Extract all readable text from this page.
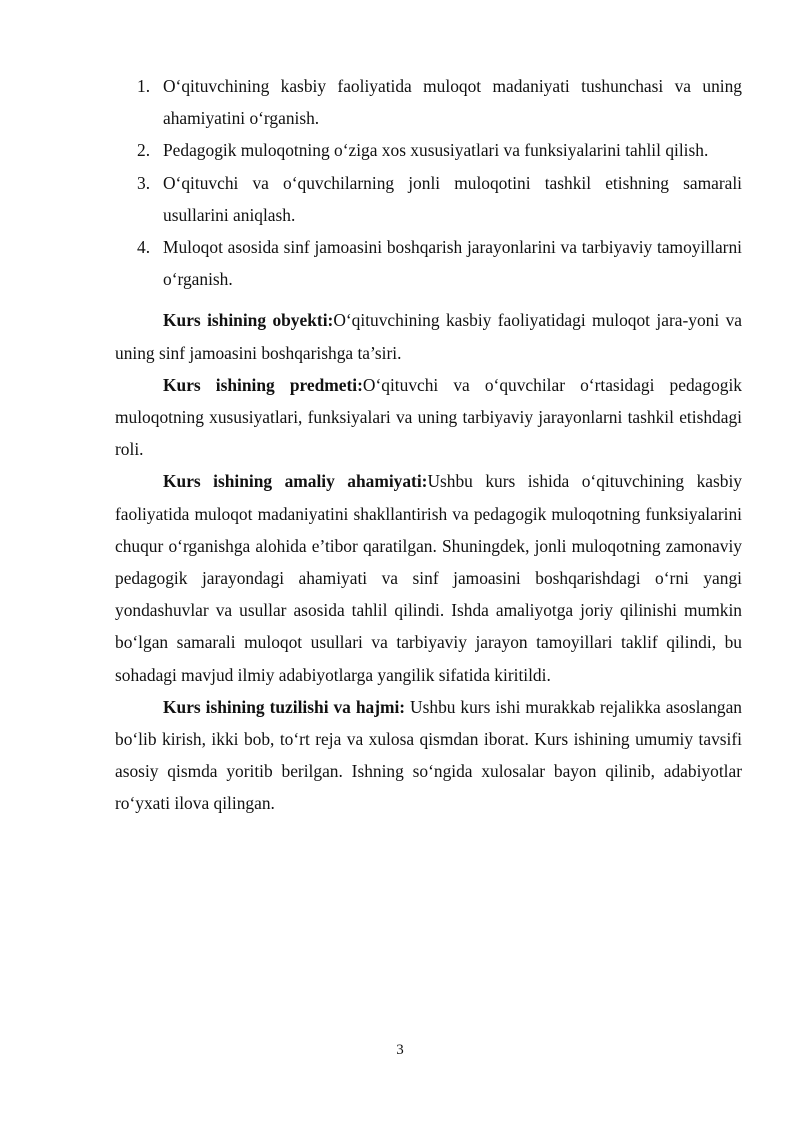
1. O‘qituvchining kasbiy faoliyatida muloqot madaniyati tushunchasi va uning ahamiyatini o‘rganish.
2. Pedagogik muloqotning o‘ziga xos xususiyatlari va funksiyalarini tahlil qilish.
3. O‘qituvchi va o‘quvchilarning jonli muloqotini tashkil etishning samarali usullarini aniqlash.
4. Muloqot asosida sinf jamoasini boshqarish jarayonlarini va tarbiyaviy tamoyillarni o‘rganish.

Kurs ishining obyekti:O‘qituvchining kasbiy faoliyatidagi muloqot jara-yoni va uning sinf jamoasini boshqarishga ta’siri.

Kurs ishining predmeti:O‘qituvchi va o‘quvchilar o‘rtasidagi pedagogik muloqotning xususiyatlari, funksiyalari va uning tarbiyaviy jarayonlarni tashkil etishdagi roli.

Kurs ishining amaliy ahamiyati:Ushbu kurs ishida o‘qituvchining kasbiy faoliyatida muloqot madaniyatini shakllantirish va pedagogik muloqotning funksiyalarini chuqur o‘rganishga alohida e’tibor qaratilgan. Shuningdek, jonli muloqotning zamonaviy pedagogik jarayondagi ahamiyati va sinf jamoasini boshqarishdagi o‘rni yangi yondashuvlar va usullar asosida tahlil qilindi. Ishda amaliyotga joriy qilinishi mumkin bo‘lgan samarali muloqot usullari va tarbiyaviy jarayon tamoyillari taklif qilindi, bu sohadagi mavjud ilmiy adabiyotlarga yangilik sifatida kiritildi.

Kurs ishining tuzilishi va hajmi: Ushbu kurs ishi murakkab rejalikka asoslangan bo‘lib kirish, ikki bob, to‘rt reja va xulosa qismdan iborat. Kurs ishining umumiy tavsifi asosiy qismda yoritib berilgan. Ishning so‘ngida xulosalar bayon qilinib, adabiyotlar ro‘yxati ilova qilingan.

3
